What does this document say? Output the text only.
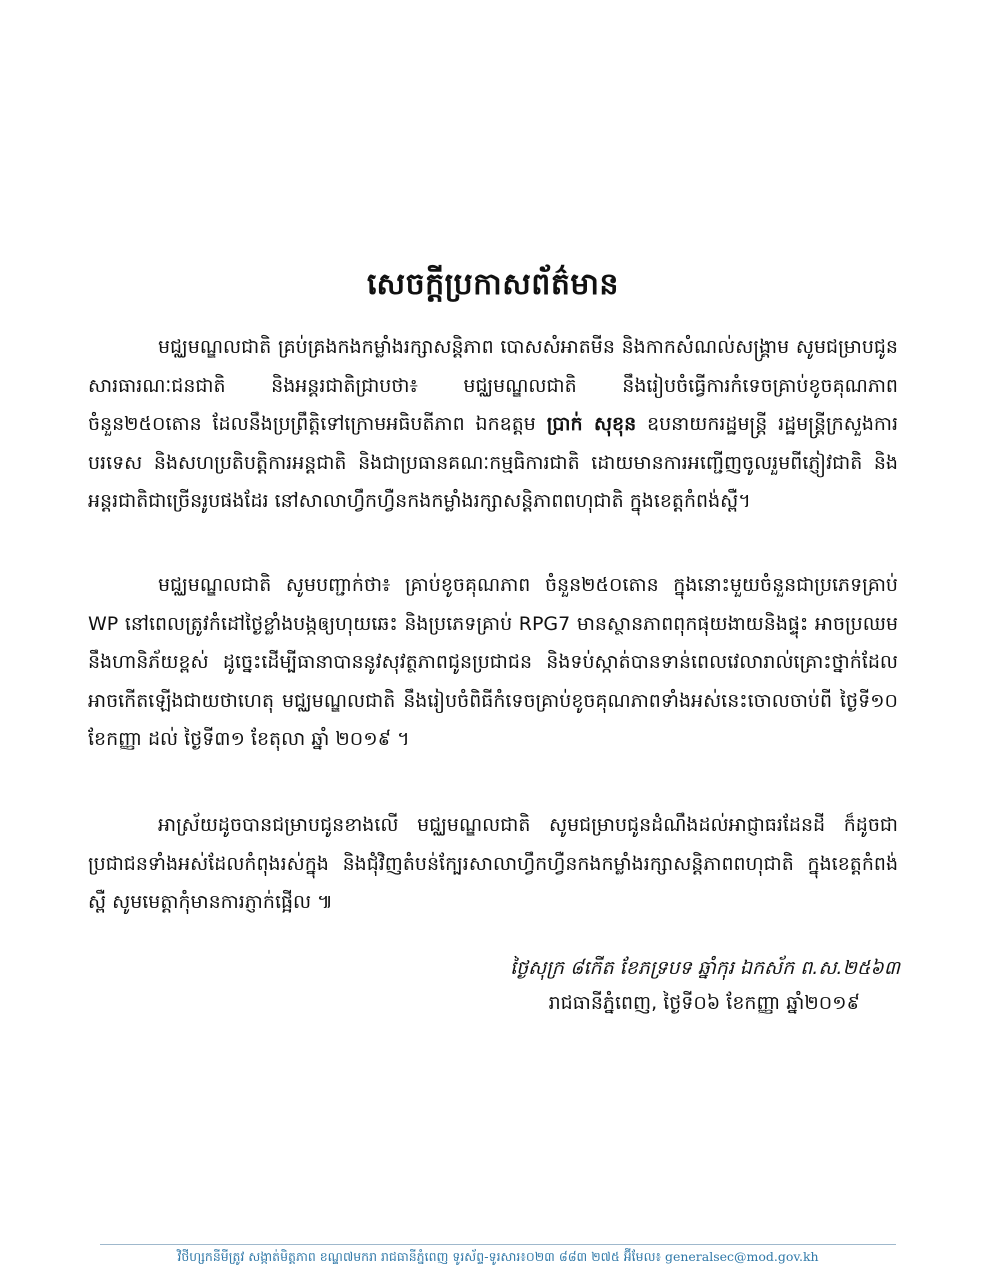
សេចក្តីប្រកាសព័ត៌មាន

មជ្ឈមណ្ឌលជាតិ គ្រប់គ្រងកងកម្លាំងរក្សាសន្តិភាព បោសសំអាតមីន និងកាកសំណល់សង្គ្រាម សូមជម្រាបជូន សារធារណៈជនជាតិ និងអន្តរជាតិជ្រាបថា៖ មជ្ឈមណ្ឌលជាតិ នឹងរៀបចំធ្វើការកំទេចគ្រាប់ខូចគុណភាព ចំនួន២៥០តោន ដែលនឹងប្រព្រឹត្តិទៅក្រោមអធិបតីភាព ឯកឧត្តម ប្រាក់ សុខុន ឧបនាយករដ្ឋមន្ត្រី រដ្ឋមន្ត្រីក្រសួងការបរទេស និងសហប្រតិបត្តិការអន្តជាតិ និងជាប្រធានគណៈកម្មធិការជាតិ ដោយមានការអញ្ជើញចូលរួមពីភ្ញៀវជាតិ និងអន្តរជាតិជាច្រើនរូបផងដែរ នៅសាលាហ្វឹកហ្វឺនកងកម្លាំងរក្សាសន្តិភាពពហុជាតិ ក្នុងខេត្តកំពង់ស្ពឺ។

មជ្ឈមណ្ឌលជាតិ សូមបញ្ជាក់ថា៖ គ្រាប់ខូចគុណភាព ចំនួន២៥០តោន ក្នុងនោះមួយចំនួនជាប្រភេទគ្រាប់ WP នៅពេលត្រូវកំដៅថ្ងៃខ្លាំងបង្កឲ្យហុយឆេះ និងប្រភេទគ្រាប់ RPG7 មានស្ថានភាពពុកផុយងាយនិងផ្ទុះ អាចប្រឈមនឹងហានិភ័យខ្ពស់ ដូច្នេះដើម្បីធានាបាននូវសុវត្ថភាពជូនប្រជាជន និងទប់ស្កាត់បានទាន់ពេលវេលារាល់គ្រោះថ្នាក់ដែលអាចកើតឡើងជាយថាហេតុ មជ្ឈមណ្ឌលជាតិ នឹងរៀបចំពិធីកំទេចគ្រាប់ខូចគុណភាពទាំងអស់នេះចោលចាប់ពី ថ្ងៃទី១០ ខែកញ្ញា ដល់ ថ្ងៃទី៣១ ខែតុលា ឆ្នាំ ២០១៩ ។

អាស្រ័យដូចបានជម្រាបជូនខាងលើ មជ្ឈមណ្ឌលជាតិ សូមជម្រាបជូនដំណឹងដល់អាជ្ញាធរដែនដី ក៏ដូចជាប្រជាជនទាំងអស់ដែលកំពុងរស់ក្នុង និងជុំវិញតំបន់ក្បែរសាលាហ្វឹកហ្វឺនកងកម្លាំងរក្សាសន្តិភាពពហុជាតិ ក្នុងខេត្តកំពង់ស្ពឺ សូមមេត្តាកុំមានការភ្ញាក់ផ្អើល ៕

ថ្ងៃសុក្រ ៨កើត ខែភទ្របទ ឆ្នាំកុរ ឯកស័ក ព.ស.២៥៦៣
រាជធានីភ្នំពេញ, ថ្ងៃទី០៦ ខែកញ្ញា ឆ្នាំ២០១៩
វិថីហ្សកនីមីត្រូវ សង្កាត់មិត្តភាព ខណ្ឌ៧មករា រាជធានីភ្នំពេញ ទូរស័ព្ទ-ទូរសារ៖០២៣ ៨៨៣ ២៧៥ អ៊ីមែល៖ generalsec@mod.gov.kh
